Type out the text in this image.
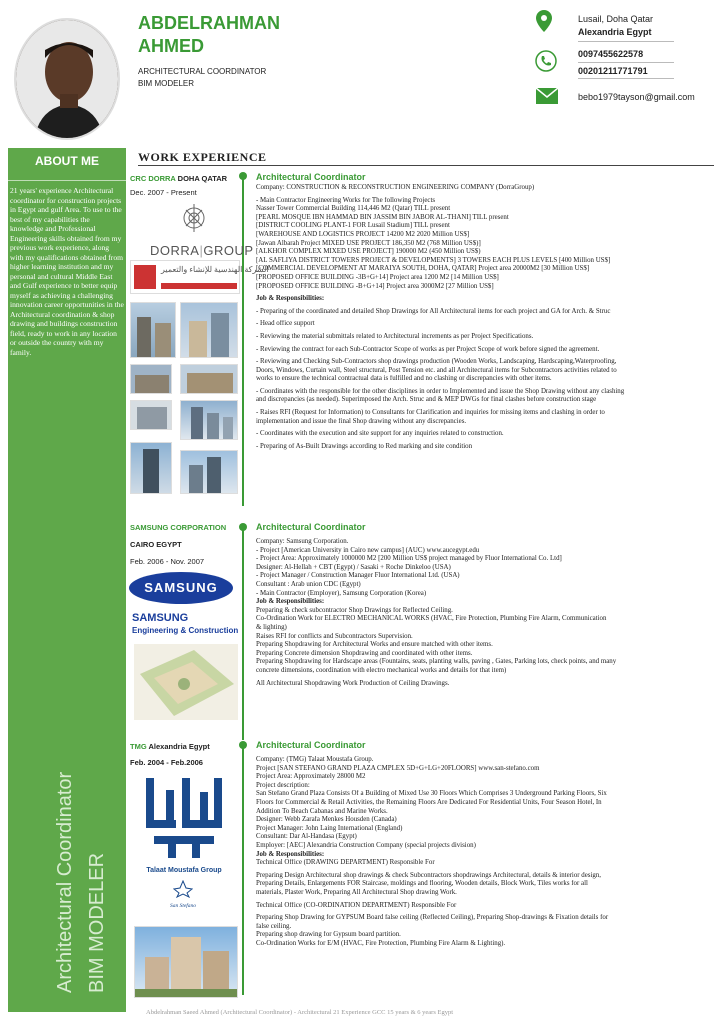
ABOUT ME
21 years' experience Architectural coordinator for construction projects in Egypt and gulf Area. To use to the best of my capabilities the knowledge and Professional Engineering skills obtained from my previous work experience, along with my qualifications obtained from higher learning institution and my personal and cultural Middle East and Gulf experience to better equip myself as achieving a challenging innovation career opportunities in the Architectural coordination & shop drawing and buildings construction field, ready to work in any location or outside the country with my family.
Architectural Coordinator BIM MODELER
ABDELRAHMAN
AHMED
ARCHITECTURAL COORDINATOR
BIM MODELER
Lusail, Doha Qatar
Alexandria Egypt
0097455622578
00201211771791
bebo1979tayson@gmail.com
WORK EXPERIENCE
CRC DORRA DOHA QATAR
Dec. 2007 - Present
Architectural Coordinator
DORRA|GROUP
الشركة الهندسية للإنشاء والتعمير

Company: CONSTRUCTION & RECONSTRUCTION ENGINEERING COMPANY (DorraGroup)

- Main Contractor Engineering Works for The following Projects

Nasser Tower Commercial Building 114,446 M2 (Qatar) TILL present

[PEARL MOSQUE IBN HAMMAD BIN JASSIM BIN JABOR AL-THANI] TILL present

[DISTRICT COOLING PLANT-1 FOR Lusail Stadium] TILL present

[WAREHOUSE AND LOGISTICS PROJECT 14200 M2 2020 Million US$]

[Jawan Albarah Project MIXED USE PROJECT 186,350 M2 (768 Million US$)]

[ALKHOR COMPLEX MIXED USE PROJECT] 190000 M2 (450 Million US$)

[AL SAFLIYA DISTRICT TOWERS PROJECT & DEVELOPMENTS] 3 TOWERS EACH PLUS LEVELS [400 Million US$]

[COMMERCIAL DEVELOPMENT AT MARAIYA SOUTH, DOHA, QATAR] Project area 20000M2 [30 Million US$]

[PROPOSED OFFICE BUILDING -3B+G+14] Project area 1200 M2 [14 Million US$]

[PROPOSED OFFICE BUILDING -B+G+14] Project area 3000M2 [27 Million US$]

Job & Responsibilities:

- Preparing of the coordinated and detailed Shop Drawings for All Architectural items for each project and GA for Arch. & Struc

- Head office support

- Reviewing the material submittals related to Architectural increments as per Project Specifications.

- Reviewing the contract for each Sub-Contractor Scope of works as per Project Scope of work before signed the agreement.

- Reviewing and Checking Sub-Contractors shop drawings production (Wooden Works, Landscaping, Hardscaping,Waterproofing,

Doors, Windows, Curtain wall, Steel structural, Post Tension etc. and all Architectural items for Subcontractors activities related to

works to ensure the technical contractual data is fulfilled and no clashing or discrepancies with other items.

- Coordinates with the responsible for the other disciplines in order to Implemented and issue the Shop Drawing without any clashing

and discrepancies (as needed). Superimposed the Arch. Struc and & MEP DWGs for final clashes before construction stage

- Raises RFI (Request for Information) to Consultants for Clarification and inquiries for missing items and clashing in order to

implementation and issue the final Shop drawing without any discrepancies.

- Coordinates with the execution and site support for any inquiries related to construction.

- Preparing of As-Built Drawings according to Red marking and site condition

SAMSUNG CORPORATION
CAIRO EGYPT
Feb. 2006 - Nov. 2007
Architectural Coordinator
SAMSUNG
SAMSUNG
Engineering & Construction

Company: Samsung Corporation.

- Project [American University in Cairo new campus] (AUC) www.aucegypt.edu

- Project Area: Approximately 1000000 M2 [200 Million US$ project managed by Fluor International Co. Ltd]

Designer: Al-Hellah + CBT (Egypt) / Sasaki + Roche Dinkeloo (USA)

- Project Manager / Construction Manager Fluor International Ltd. (USA)

Consultant : Arab union CDC (Egypt)

- Main Contractor (Employer), Samsung Corporation (Korea)

Job & Responsibilities:

Preparing & check subcontractor Shop Drawings for Reflected Ceiling.

Co-Ordination Work for ELECTRO MECHANICAL WORKS (HVAC, Fire Protection, Plumbing Fire Alarm, Communication

& lighting)

Raises RFI for conflicts and Subcontractors Supervision.

Preparing Shopdrawing for Architectural Works and ensure matched with other items.

Preparing Concrete dimension Shopdrawing and coordinated with other items.

Preparing Shopdrawing for Hardscape areas (Fountains, seats, planting walls, paving , Gates, Parking lots, check points, and many

concrete dimensions, coordination with electro mechanical works and details for that item)

All Architectural Shopdrawing Work Production of Ceiling Drawings.

TMG Alexandria Egypt
Feb. 2004 - Feb.2006
Architectural Coordinator
Talaat Moustafa Group
San Stefano

Company: (TMG) Talaat Moustafa Group.

Project [SAN STEFANO GRAND PLAZA CMPLEX 5D+G+LG+20FLOORS] www.san-stefano.com

Project Area: Approximately 28000 M2

Project description:

San Stefano Grand Plaza Consists Of a Building of Mixed Use 30 Floors Which Comprises 3 Underground Parking Floors, Six

Floors for Commercial & Retail Activities, the Remaining Floors Are Dedicated For Residential Units, Four Season Hotel, In

Addition To Beach Cabanas and Marine Works.

Designer: Webb Zarafa Menkes Housden (Canada)

Project Manager: John Laing International (England)

Consultant: Dar Al-Handasa (Egypt)

Employer: [AEC] Alexandria Construction Company (special projects division)

Job & Responsibilities:

Technical Office (DRAWING DEPARTMENT) Responsible For

Preparing Design Architectural shop drawings & check Subcontractors shopdrawings Architectural, details & interior design,

Preparing Details, Enlargements FOR Staircase, moldings and flooring, Wooden details, Block Work, Tiles works for all

materials, Plaster Work, Preparing All Architectural Shop drawing Work.

Technical Office (CO-ORDINATION DEPARTMENT) Responsible For

Preparing Shop Drawing for GYPSUM Board false ceiling (Reflected Ceiling), Preparing Shop-drawings & Fixation details for

false ceiling.

Preparing shop drawing for Gypsum board partition.

Co-Ordination Works for E/M (HVAC, Fire Protection, Plumbing Fire Alarm & Lighting).

Abdelrahman Saeed Ahmed (Architectural Coordinator) - Architectural 21 Experience GCC 15 years & 6 years Egypt
